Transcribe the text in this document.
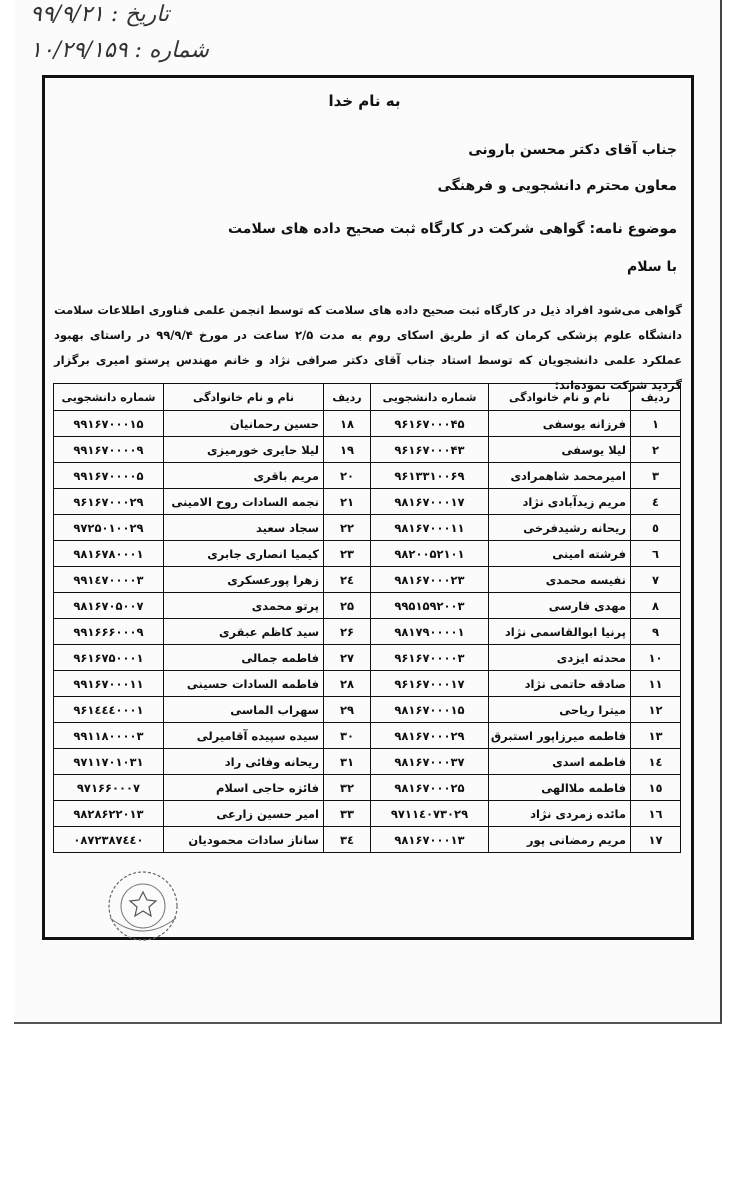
تاریخ : ۹۹/۹/۲۱
شماره : ۱۰/۲۹/۱۵۹
به نام خدا
جناب آقای دکتر محسن بارونی
معاون محترم دانشجویی و فرهنگی
موضوع نامه: گواهی شرکت در کارگاه ثبت صحیح داده های سلامت
با سلام
گواهی می‌شود افراد ذیل در کارگاه ثبت صحیح داده های سلامت که توسط انجمن علمی فناوری اطلاعات سلامت دانشگاه علوم پزشکی کرمان که از طریق اسکای روم به مدت ۲/۵ ساعت در مورخ ۹۹/۹/۴ در راستای بهبود عملکرد علمی دانشجویان که توسط استاد جناب آقای دکتر صرافی نژاد و خانم مهندس پرستو امیری برگزار گردید شرکت نموده‌اند:
ردیف	نام و نام خانوادگی	شماره دانشجویی	ردیف	نام و نام خانوادگی	شماره دانشجویی
۱	فرزانه یوسفی	۹۶۱۶۷۰۰۰۴۵	۱۸	حسین رحمانیان	۹۹۱۶۷۰۰۰۱۵
۲	لیلا یوسفی	۹۶۱۶۷۰۰۰۴۳	۱۹	لیلا حایری خورمیزی	۹۹۱۶۷۰۰۰۰۹
۳	امیرمحمد شاهمرادی	۹۶۱۳۳۱۰۰۶۹	۲۰	مریم باقری	۹۹۱۶۷۰۰۰۰۵
٤	مریم زیدآبادی نژاد	۹۸۱۶۷۰۰۰۱۷	۲۱	نجمه السادات روح الامینی	۹۶۱۶۷۰۰۰۲۹
٥	ریحانه رشیدفرخی	۹۸۱۶۷۰۰۰۱۱	۲۲	سجاد سعید	۹۷۲۵۰۱۰۰۲۹
٦	فرشته امینی	۹۸۲۰۰۵۲۱۰۱	۲۳	کیمیا انصاری جابری	۹۸۱۶۷۸۰۰۰۱
۷	نفیسه محمدی	۹۸۱۶۷۰۰۰۲۳	۲٤	زهرا پورعسکری	۹۹۱٤۷۰۰۰۰۳
۸	مهدی فارسی	۹۹۵۱۵۹۲۰۰۳	۲۵	پرتو محمدی	۹۸۱۶۷۰۵۰۰۷
۹	پرنیا ابوالقاسمی نژاد	۹۸۱۷۹۰۰۰۰۱	۲۶	سید کاظم عبقری	۹۹۱۶۶۶۰۰۰۹
۱۰	محدثه ایزدی	۹۶۱۶۷۰۰۰۰۳	۲۷	فاطمه جمالی	۹۶۱۶۷۵۰۰۰۱
۱۱	صادقه حاتمی نژاد	۹۶۱۶۷۰۰۰۱۷	۲۸	فاطمه السادات حسینی	۹۹۱۶۷۰۰۰۱۱
۱۲	میترا ریاحی	۹۸۱۶۷۰۰۰۱۵	۲۹	سهراب الماسی	۹۶۱٤٤٤۰۰۰۱
۱۳	فاطمه میرزاپور استبرق	۹۸۱۶۷۰۰۰۲۹	۳۰	سیده سپیده آقامیرلی	۹۹۱۱۸۰۰۰۰۳
۱٤	فاطمه اسدی	۹۸۱۶۷۰۰۰۳۷	۳۱	ریحانه وفائی راد	۹۷۱۱۷۰۱۰۳۱
۱٥	فاطمه ملاالهی	۹۸۱۶۷۰۰۰۲۵	۳۲	فائزه حاجی اسلام	۹۷۱۶۶۰۰۰۷
۱٦	مائده زمردی نژاد	۹۷۱۱٤۰۷۳۰۲۹	۳۳	امیر حسین زارعی	۹۸۲۸۶۲۲۰۱۳
۱۷	مریم رمضانی پور	۹۸۱۶۷۰۰۰۱۳	۳٤	ساناز سادات محمودیان	۰۸۷۲۳۸۷٤٤۰
